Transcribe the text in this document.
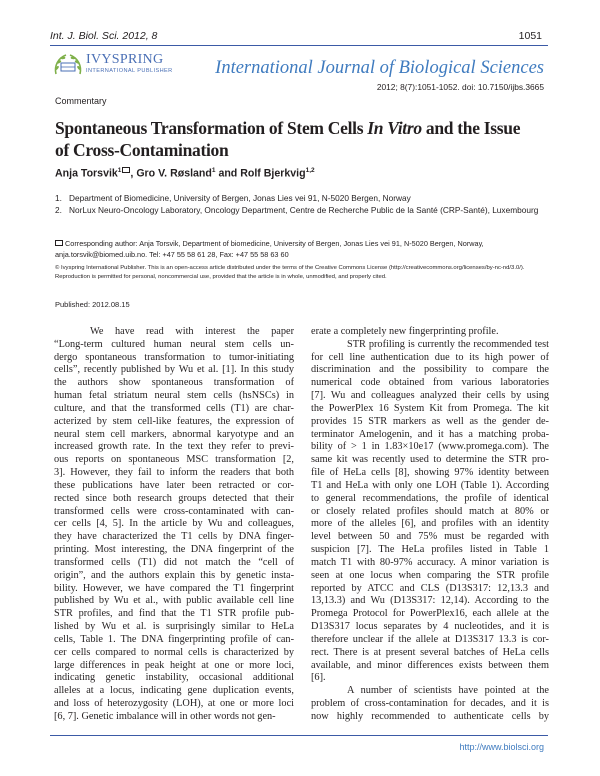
Int. J. Biol. Sci. 2012, 8	1051
IVYSPRING
INTERNATIONAL PUBLISHER International Journal of Biological Sciences
2012; 8(7):1051-1052. doi: 10.7150/ijbs.3665
Commentary
Spontaneous Transformation of Stem Cells In Vitro and the Issue of Cross-Contamination
Anja Torsvik$^1$ , Gro V. Røsland$^1$ and Rolf Bjerkvig$^{1,2}$
1. Department of Biomedicine, University of Bergen, Jonas Lies vei 91, N-5020 Bergen, Norway
2. NorLux Neuro-Oncology Laboratory, Oncology Department, Centre de Recherche Public de la Santé (CRP-Santé), Luxembourg
Corresponding author: Anja Torsvik, Department of biomedicine, University of Bergen, Jonas Lies vei 91, N-5020 Bergen, Norway, anja.torsvik@biomed.uib.no. Tel: +47 55 58 61 28, Fax: +47 55 58 63 60
© Ivyspring International Publisher. This is an open-access article distributed under the terms of the Creative Commons License (http://creativecommons.org/licenses/by-nc-nd/3.0/). Reproduction is permitted for personal, noncommercial use, provided that the article is in whole, unmodified, and properly cited.
Published: 2012.08.15
We have read with interest the paper
“Long-term cultured human neural stem cells un-
dergo spontaneous transformation to tumor-initiating
cells”, recently published by Wu et al. [1]. In this study
the authors show spontaneous transformation of
human fetal striatum neural stem cells (hsNSCs) in
culture, and that the transformed cells (T1) are char-
acterized by stem cell-like features, the expression of
neural stem cell markers, abnormal karyotype and an
increased growth rate. In the text they refer to previ-
ous reports on spontaneous MSC transformation [2,
3]. However, they fail to inform the readers that both
these publications have later been retracted or cor-
rected since both research groups detected that their
transformed cells were cross-contaminated with can-
cer cells [4, 5]. In the article by Wu and colleagues,
they have characterized the T1 cells by DNA finger-
printing. Most interesting, the DNA fingerprint of the
transformed cells (T1) did not match the “cell of
origin”, and the authors explain this by genetic insta-
bility. However, we have compared the T1 fingerprint
published by Wu et al., with public available cell line
STR profiles, and find that the T1 STR profile pub-
lished by Wu et al. is surprisingly similar to HeLa
cells, Table 1. The DNA fingerprinting profile of can-
cer cells compared to normal cells is characterized by
large differences in peak height at one or more loci,
indicating genetic instability, occasional additional
alleles at a locus, indicating gene duplication events,
and loss of heterozygosity (LOH), at one or more loci
[6, 7]. Genetic imbalance will in other words not gen-
erate a completely new fingerprinting profile.
STR profiling is currently the recommended test
for cell line authentication due to its high power of
discrimination and the possibility to compare the
numerical code obtained from various laboratories
[7]. Wu and colleagues analyzed their cells by using
the PowerPlex 16 System Kit from Promega. The kit
provides 15 STR markers as well as the gender de-
terminator Amelogenin, and it has a matching proba-
bility of > 1 in 1.83×10e17 (www.promega.com). The
same kit was recently used to determine the STR pro-
file of HeLa cells [8], showing 97% identity between
T1 and HeLa with only one LOH (Table 1). According
to general recommendations, the profile of identical
or closely related profiles should match at 80% or
more of the alleles [6], and profiles with an identity
level between 50 and 75% must be regarded with
suspicion [7]. The HeLa profiles listed in Table 1
match T1 with 80-97% accuracy. A minor variation is
seen at one locus when comparing the STR profile
reported by ATCC and CLS (D13S317: 12,13.3 and
13,13.3) and Wu (D13S317: 12,14). According to the
Promega Protocol for PowerPlex16, each allele at the
D13S317 locus separates by 4 nucleotides, and it is
therefore unclear if the allele at D13S317 13.3 is cor-
rect. There is at present several batches of HeLa cells
available, and minor differences exists between them
[6].
A number of scientists have pointed at the
problem of cross-contamination for decades, and it is
now highly recommended to authenticate cells by
http://www.biolsci.org
